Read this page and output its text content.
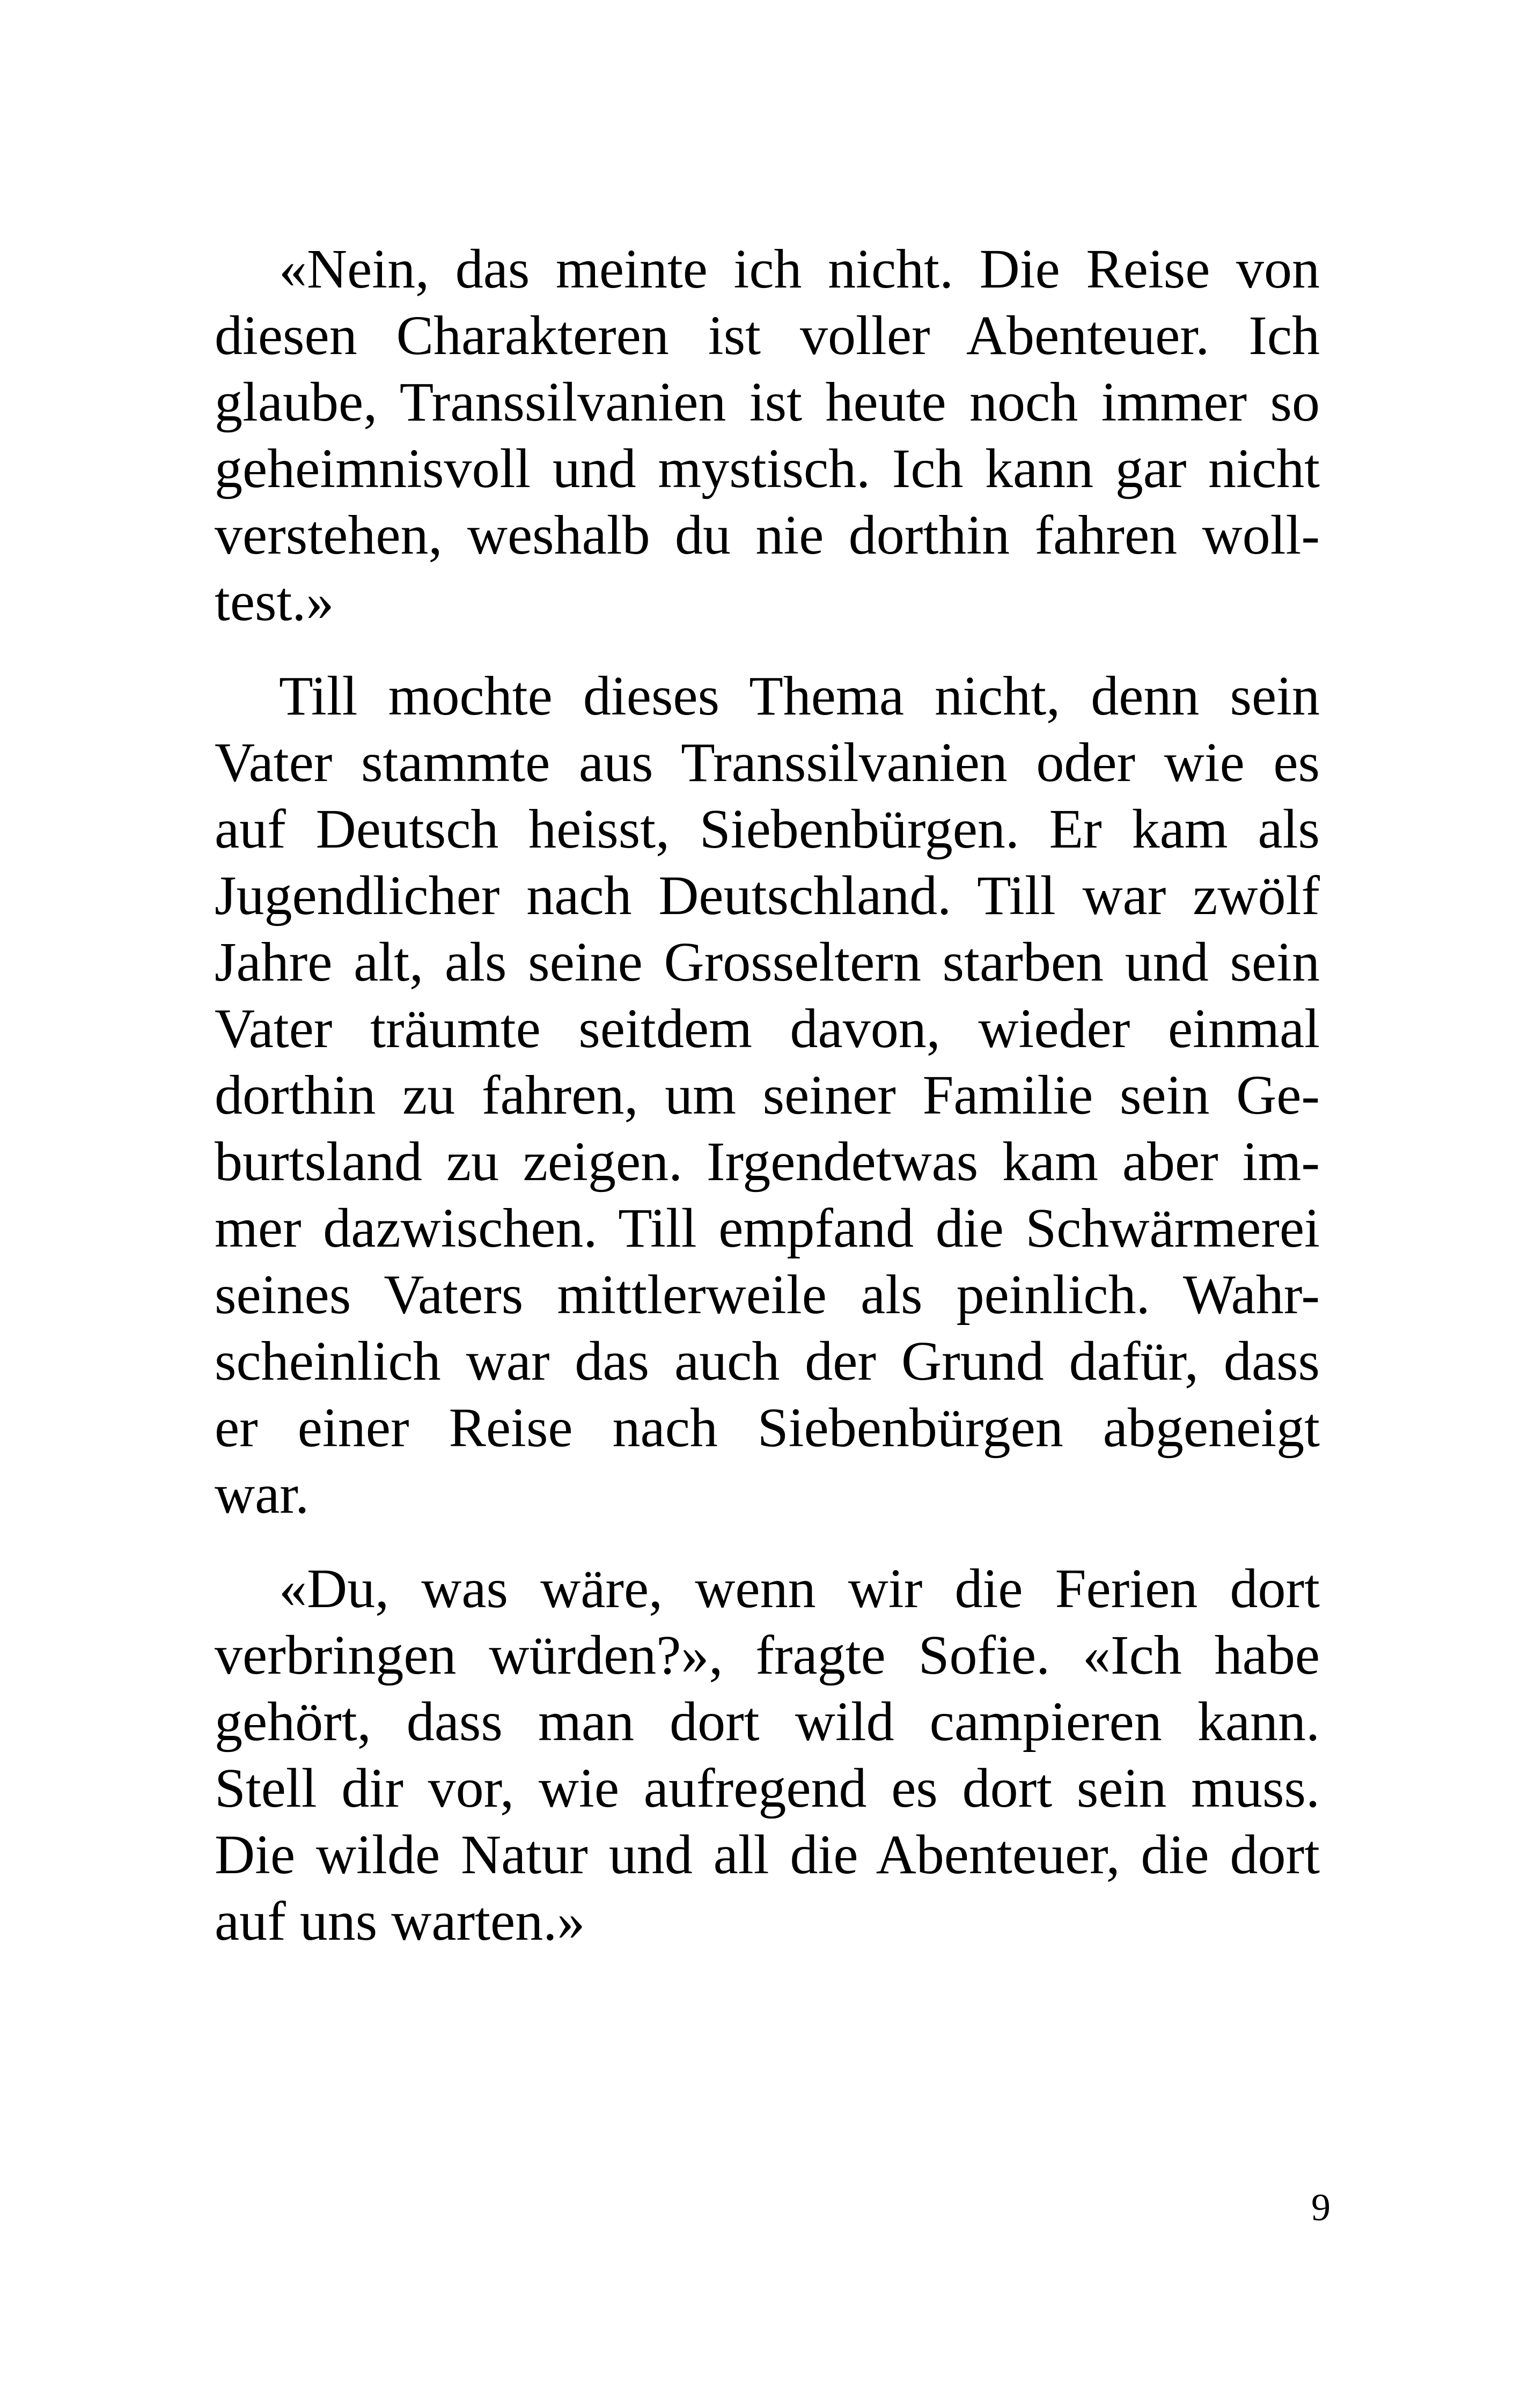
«Nein, das meinte ich nicht. Die Reise von
diesen Charakteren ist voller Abenteuer. Ich
glaube, Transsilvanien ist heute noch immer so
geheimnisvoll und mystisch. Ich kann gar nicht
verstehen, weshalb du nie dorthin fahren woll-
test.»
Till mochte dieses Thema nicht, denn sein
Vater stammte aus Transsilvanien oder wie es
auf Deutsch heisst, Siebenbürgen. Er kam als
Jugendlicher nach Deutschland. Till war zwölf
Jahre alt, als seine Grosseltern starben und sein
Vater träumte seitdem davon, wieder einmal
dorthin zu fahren, um seiner Familie sein Ge-
burtsland zu zeigen. Irgendetwas kam aber im-
mer dazwischen. Till empfand die Schwärmerei
seines Vaters mittlerweile als peinlich. Wahr-
scheinlich war das auch der Grund dafür, dass
er einer Reise nach Siebenbürgen abgeneigt
war.
«Du, was wäre, wenn wir die Ferien dort
verbringen würden?», fragte Sofie. «Ich habe
gehört, dass man dort wild campieren kann.
Stell dir vor, wie aufregend es dort sein muss.
Die wilde Natur und all die Abenteuer, die dort
auf uns warten.»
9
